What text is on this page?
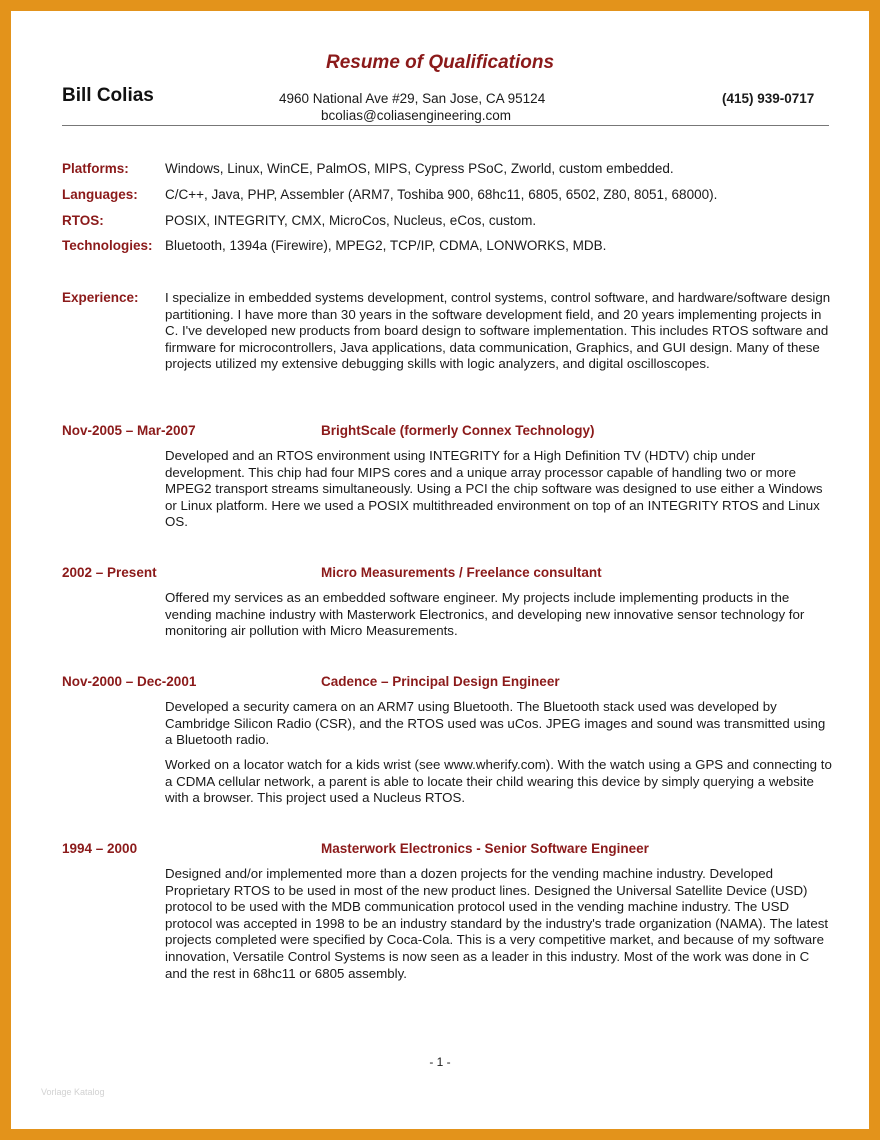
Resume of Qualifications
Bill Colias	4960 National Ave #29, San Jose, CA 95124
bcolias@coliasengineering.com
(415) 939-0717
Platforms:	Windows, Linux, WinCE, PalmOS, MIPS, Cypress PSoC, Zworld, custom embedded.
Languages: C/C++, Java, PHP, Assembler (ARM7, Toshiba 900, 68hc11, 6805, 6502, Z80, 8051, 68000).
RTOS:	POSIX, INTEGRITY, CMX, MicroCos, Nucleus, eCos, custom.
Technologies: Bluetooth, 1394a (Firewire), MPEG2, TCP/IP, CDMA, LONWORKS, MDB.
Experience: I specialize in embedded systems development, control systems, control software, and hardware/software design partitioning. I have more than 30 years in the software development field, and 20 years implementing projects in C. I've developed new products from board design to software implementation. This includes RTOS software and firmware for microcontrollers, Java applications, data communication, Graphics, and GUI design. Many of these projects utilized my extensive debugging skills with logic analyzers, and digital oscilloscopes.
Nov-2005 – Mar-2007	BrightScale (formerly Connex Technology)
Developed and an RTOS environment using INTEGRITY for a High Definition TV (HDTV) chip under development. This chip had four MIPS cores and a unique array processor capable of handling two or more MPEG2 transport streams simultaneously. Using a PCI the chip software was designed to use either a Windows or Linux platform. Here we used a POSIX multithreaded environment on top of an INTEGRITY RTOS and Linux OS.
2002 – Present	Micro Measurements / Freelance consultant
Offered my services as an embedded software engineer. My projects include implementing products in the vending machine industry with Masterwork Electronics, and developing new innovative sensor technology for monitoring air pollution with Micro Measurements.
Nov-2000 – Dec-2001	Cadence – Principal Design Engineer
Developed a security camera on an ARM7 using Bluetooth. The Bluetooth stack used was developed by Cambridge Silicon Radio (CSR), and the RTOS used was uCos. JPEG images and sound was transmitted using a Bluetooth radio.
Worked on a locator watch for a kids wrist (see www.wherify.com). With the watch using a GPS and connecting to a CDMA cellular network, a parent is able to locate their child wearing this device by simply querying a website with a browser. This project used a Nucleus RTOS.
1994 – 2000	Masterwork Electronics - Senior Software Engineer
Designed and/or implemented more than a dozen projects for the vending machine industry. Developed Proprietary RTOS to be used in most of the new product lines. Designed the Universal Satellite Device (USD) protocol to be used with the MDB communication protocol used in the vending machine industry. The USD protocol was accepted in 1998 to be an industry standard by the industry's trade organization (NAMA). The latest projects completed were specified by Coca-Cola. This is a very competitive market, and because of my software innovation, Versatile Control Systems is now seen as a leader in this industry. Most of the work was done in C and the rest in 68hc11 or 6805 assembly.
- 1 -
Vorlage Katalog
